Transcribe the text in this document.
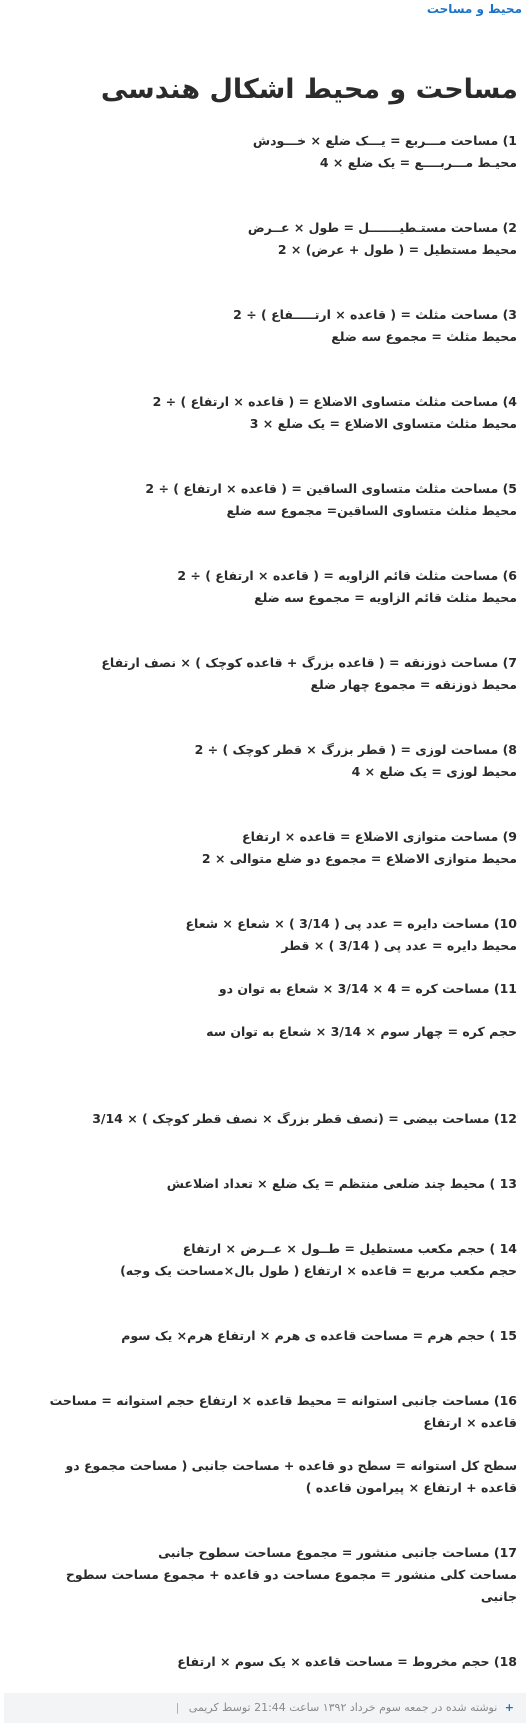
محیط و مساحت
مساحت و محیط اشکال هندسی

1) مساحت مـــربع = یـــک ضلع × خـــودش

محیـط مـــربــــع = یک ضلع × 4

2) مساحت مستـطیـــــــل = طول × عــرض

محیط مستطیل = ( طول + عرض) × 2

3) مساحت مثلث = ( قاعده × ارتـــــفاع ) ÷ 2

محیط مثلث = مجموع سه ضلع

4) مساحت مثلث متساوی الاضلاع = ( قاعده × ارتفاع ) ÷ 2

محیط مثلث متساوی الاضلاع = یک ضلع × 3

5) مساحت مثلث متساوی الساقین = ( قاعده × ارتفاع ) ÷ 2

محیط مثلث متساوی الساقین= مجموع سه ضلع

6) مساحت مثلث قائم الزاویه = ( قاعده × ارتفاع ) ÷ 2

محیط مثلث قائم الزاویه = مجموع سه ضلع

7) مساحت ذوزنقه = ( قاعده بزرگ + قاعده کوچک ) × نصف ارتفاع

محیط ذوزنقه = مجموع چهار ضلع

8) مساحت لوزی = ( قطر بزرگ × قطر کوچک ) ÷ 2

محیط لوزی = یک ضلع × 4

9) مساحت متوازی الاضلاع = قاعده × ارتفاع

محیط متوازی الاضلاع = مجموع دو ضلع متوالی × 2

10) مساحت دایره = عدد پی ( 3/14 ) × شعاع × شعاع

محیط دایره = عدد پی ( 3/14 ) × قطر

11) مساحت کره = 4 × 3/14 × شعاع به توان دو

حجم کره = چهار سوم × 3/14 × شعاع به توان سه

12) مساحت بیضی = (نصف قطر بزرگ × نصف قطر کوچک ) × 3/14

13 ) محیط چند ضلعی منتظم = یک ضلع × تعداد اضلاعش

14 ) حجم مکعب مستطیل = طــول × عــرض × ارتفاع

حجم مکعب مربع = قاعده × ارتفاع ( طول بال×مساحت یک وجه)

15 ) حجم هرم = مساحت قاعده ی هرم × ارتفاع هرم× یک سوم

16) مساحت جانبی استوانه = محیط قاعده × ارتفاع حجم استوانه = مساحت قاعده × ارتفاع

سطح کل استوانه = سطح دو قاعده + مساحت جانبی ( مساحت مجموع دو قاعده + ارتفاع × پیرامون قاعده )

17) مساحت جانبی منشور = مجموع مساحت سطوح جانبی

مساحت کلی منشور = مجموع مساحت دو قاعده + مجموع مساحت سطوح جانبی

18) حجم مخروط = مساحت قاعده × یک سوم × ارتفاع

+ نوشته شده در جمعه سوم خرداد ۱۳۹۲ ساعت 21:44 توسط کریمی |
